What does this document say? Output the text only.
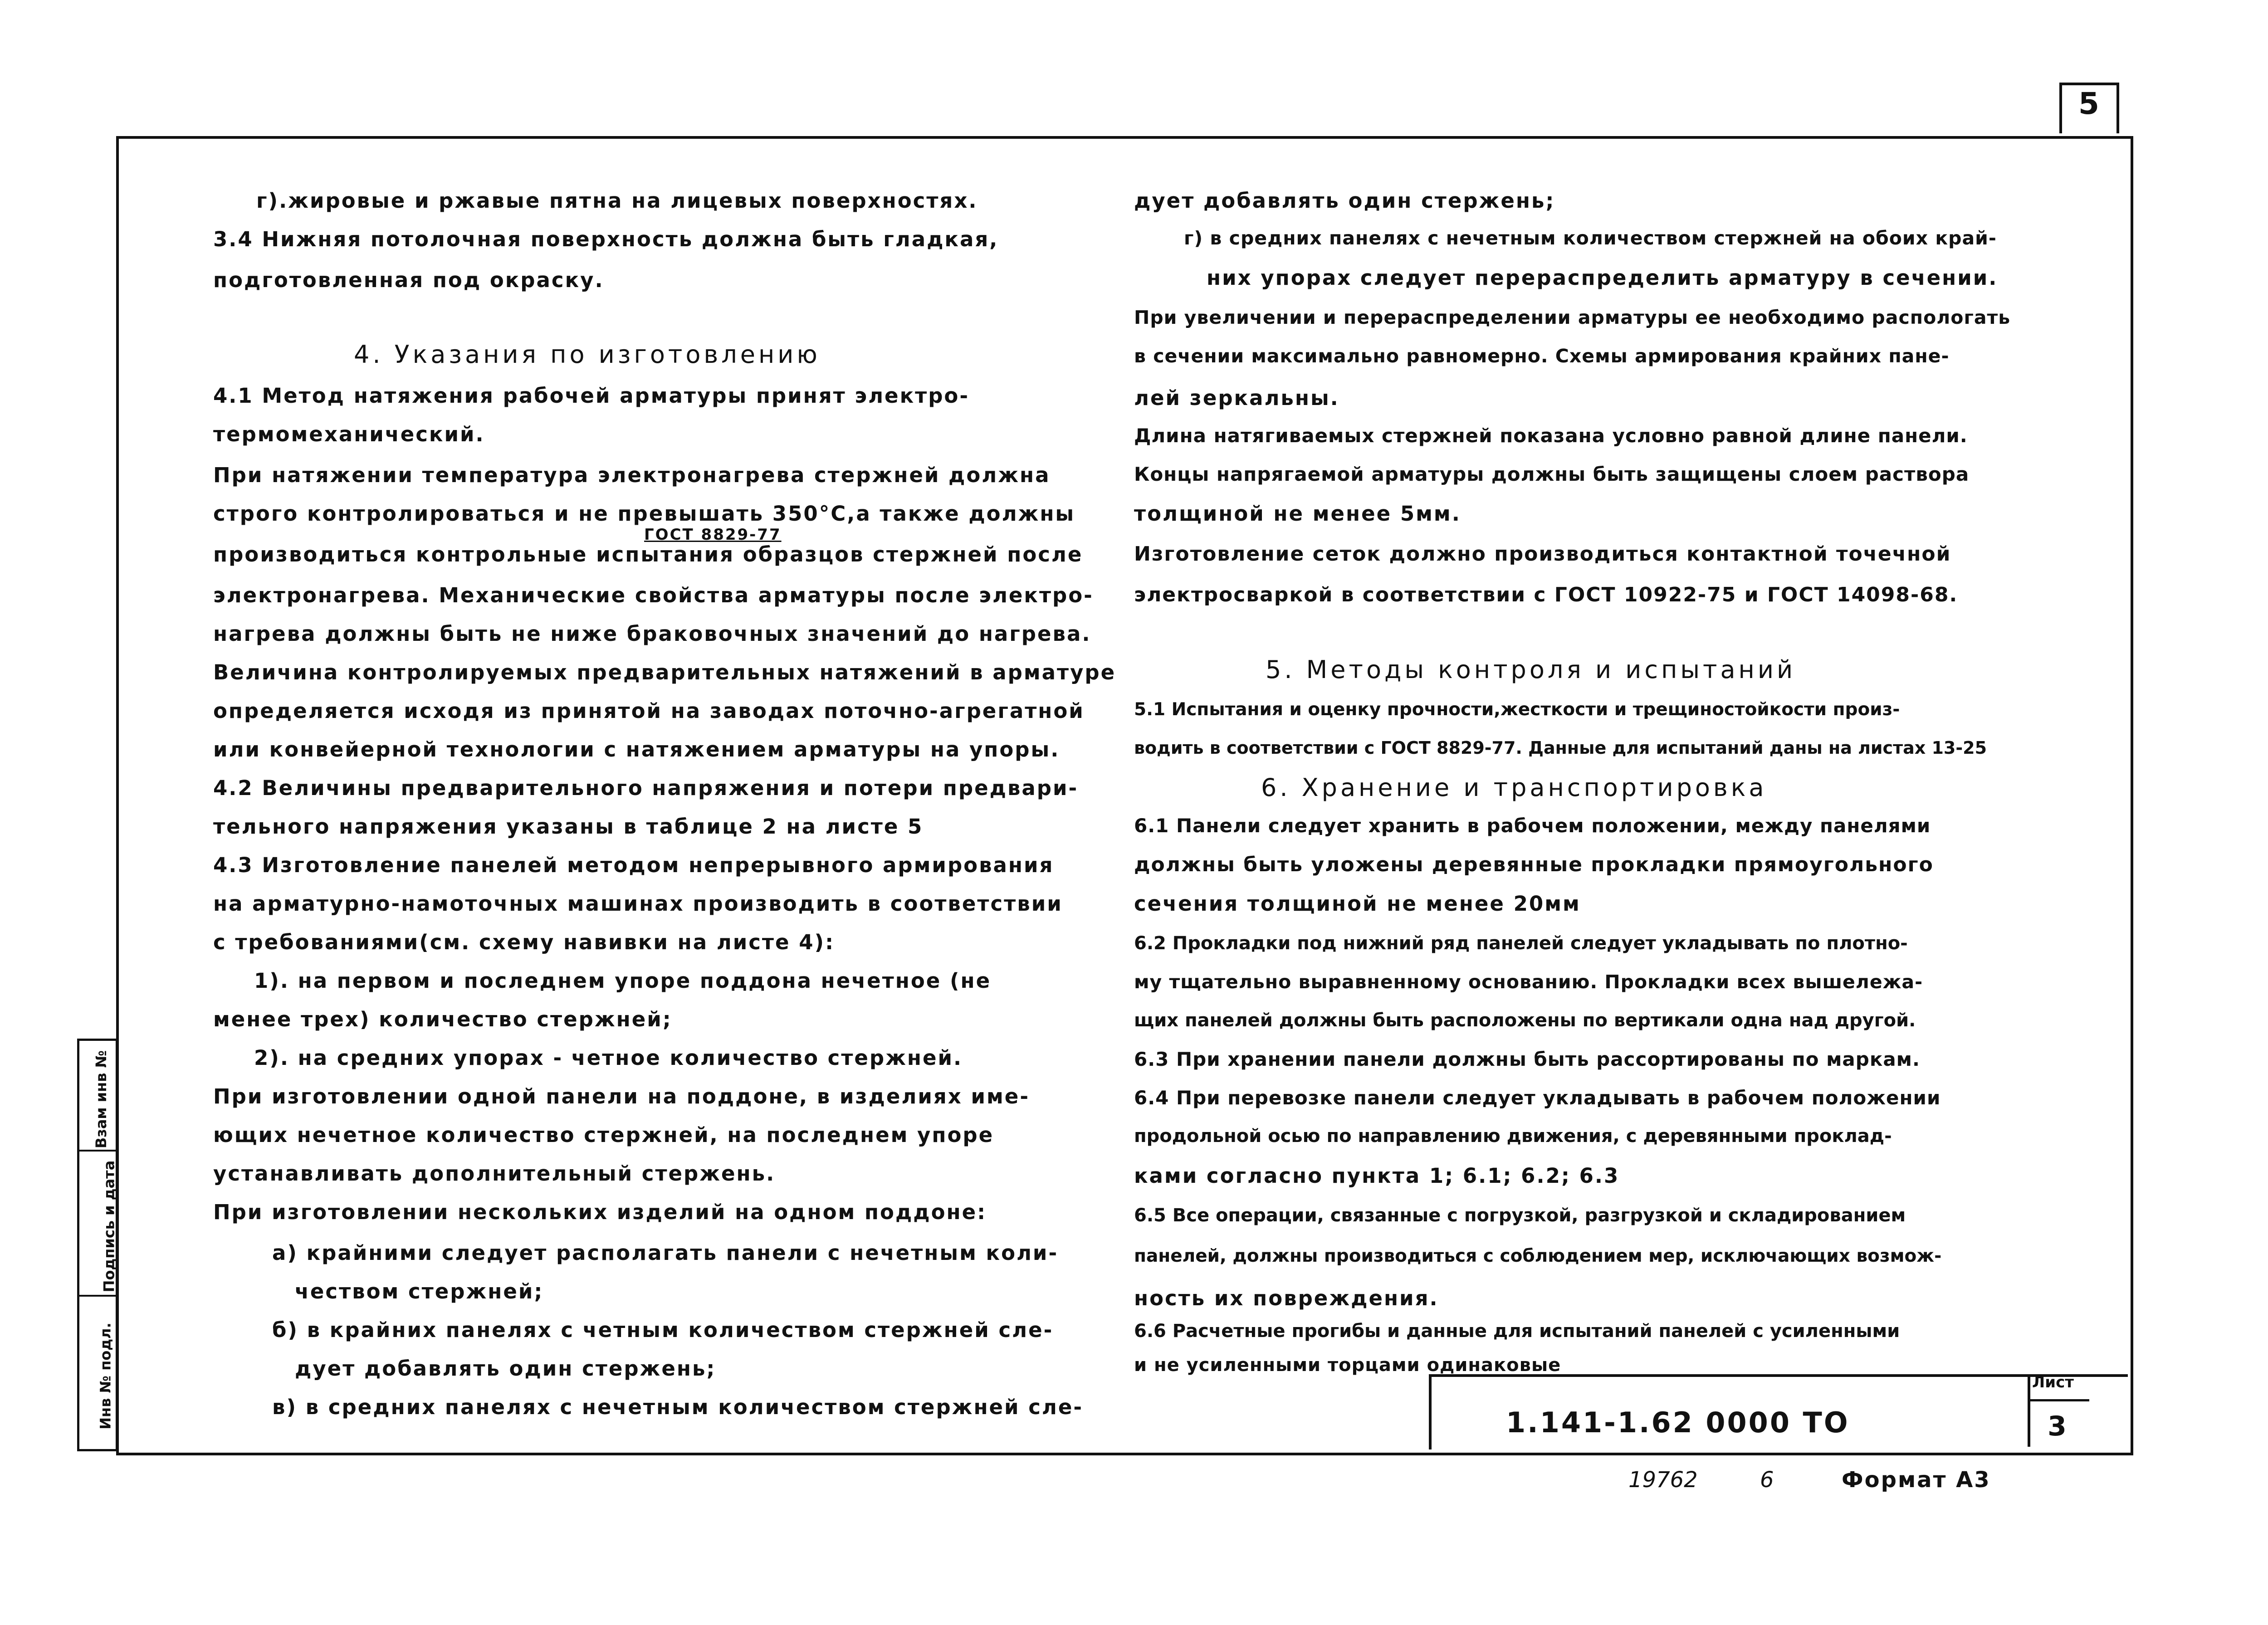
5
г).жировые и ржавые пятна на лицевых поверхностях.
3.4 Нижняя потолочная поверхность должна быть гладкая,
подготовленная под окраску.
4. Указания по изготовлению
4.1 Метод натяжения рабочей арматуры принят электро-
термомеханический.
При натяжении температура электронагрева стержней должна
строго контролироваться и не превышать 350°С,а также должны
ГОСТ 8829-77
производиться контрольные испытания образцов стержней после
электронагрева. Механические свойства арматуры после электро-
нагрева должны быть не ниже браковочных значений до нагрева.
Величина контролируемых предварительных натяжений в арматуре
определяется исходя из принятой на заводах поточно-агрегатной
или конвейерной технологии с натяжением арматуры на упоры.
4.2 Величины предварительного напряжения и потери предвари-
тельного напряжения указаны в таблице 2 на листе 5
4.3 Изготовление панелей методом непрерывного армирования
на арматурно-намоточных машинах производить в соответствии
с требованиями(см. схему навивки на листе 4):
1). на первом и последнем упоре поддона нечетное (не
менее трех) количество стержней;
2). на средних упорах - четное количество стержней.
При изготовлении одной панели на поддоне, в изделиях име-
ющих нечетное количество стержней, на последнем упоре
устанавливать дополнительный стержень.
При изготовлении нескольких изделий на одном поддоне:
а) крайними следует располагать панели с нечетным коли-
чеством стержней;
б) в крайних панелях с четным количеством стержней сле-
дует добавлять один стержень;
в) в средних панелях с нечетным количеством стержней сле-
дует добавлять один стержень;
г) в средних панелях с нечетным количеством стержней на обоих край-
них упорах следует перераспределить арматуру в сечении.
При увеличении и перераспределении арматуры ее необходимо распологать
в сечении максимально равномерно. Схемы армирования крайних пане-
лей зеркальны.
Длина натягиваемых стержней показана условно равной длине панели.
Концы напрягаемой арматуры должны быть защищены слоем раствора
толщиной не менее 5мм.
Изготовление сеток должно производиться контактной точечной
электросваркой в соответствии с ГОСТ 10922-75 и ГОСТ 14098-68.
5. Методы контроля и испытаний
5.1 Испытания и оценку прочности,жесткости и трещиностойкости произ-
водить в соответствии с ГОСТ 8829-77. Данные для испытаний даны на листах 13-25
6. Хранение и транспортировка
6.1 Панели следует хранить в рабочем положении, между панелями
должны быть уложены деревянные прокладки прямоугольного
сечения толщиной не менее 20мм
6.2 Прокладки под нижний ряд панелей следует укладывать по плотно-
му тщательно выравненному основанию. Прокладки всех вышележа-
щих панелей должны быть расположены по вертикали одна над другой.
6.3 При хранении панели должны быть рассортированы по маркам.
6.4 При перевозке панели следует укладывать в рабочем положении
продольной осью по направлению движения, с деревянными проклад-
ками согласно пункта 1; 6.1; 6.2; 6.3
6.5 Все операции, связанные с погрузкой, разгрузкой и складированием
панелей, должны производиться с соблюдением мер, исключающих возмож-
ность их повреждения.
6.6 Расчетные прогибы и данные для испытаний панелей с усиленными
и не усиленными торцами одинаковые
Взам инв №
Подпись и дата
Инв № подл.	1.141-1.62 0000 ТО
Лист
3
19762	6	Формат А3
